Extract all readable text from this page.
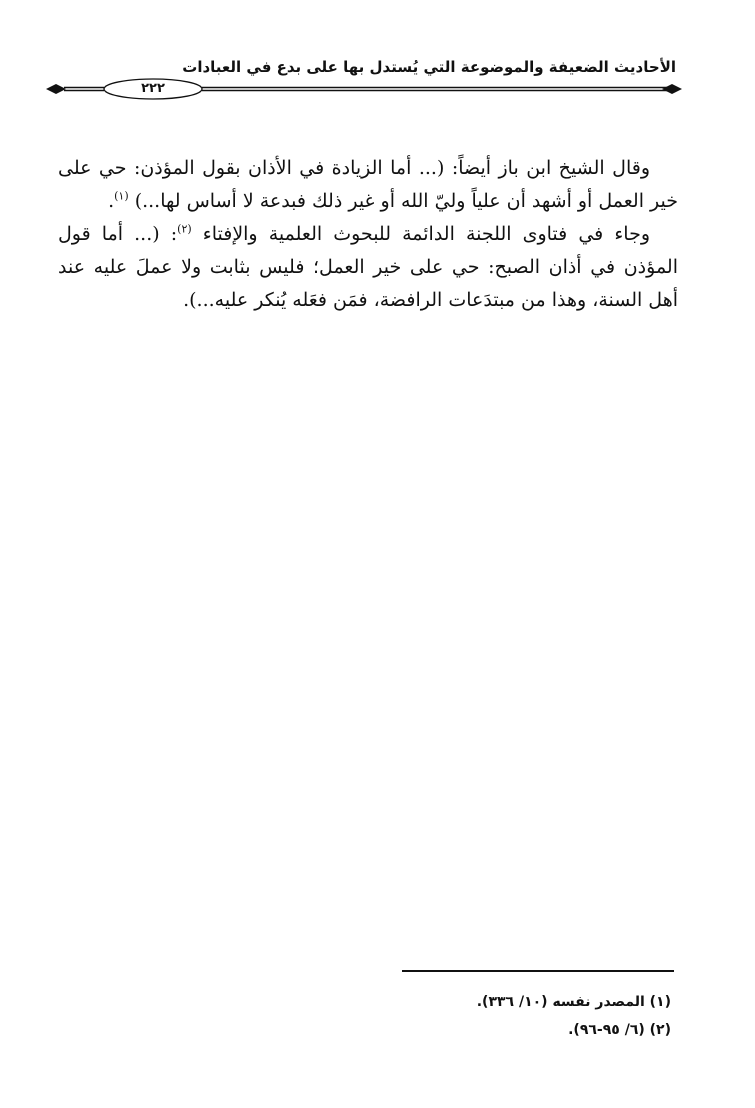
الأحاديث الضعيفة والموضوعة التي يُستدل بها على بدع في العبادات
٢٢٢

وقال الشيخ ابن باز أيضاً: (... أما الزيادة في الأذان بقول المؤذن: حي على خير العمل أو أشهد أن علياً وليّ الله أو غير ذلك فبدعة لا أساس لها...) $^{(١)}$.

وجاء في فتاوى اللجنة الدائمة للبحوث العلمية والإفتاء $^{(٢)}$: (... أما قول المؤذن في أذان الصبح: حي على خير العمل؛ فليس بثابت ولا عملَ عليه عند أهل السنة، وهذا من مبتدَعات الرافضة، فمَن فعَله يُنكر عليه...).

(١) المصدر نفسه (١٠/ ٣٣٦).
(٢) (٦/ ٩٥-٩٦).
